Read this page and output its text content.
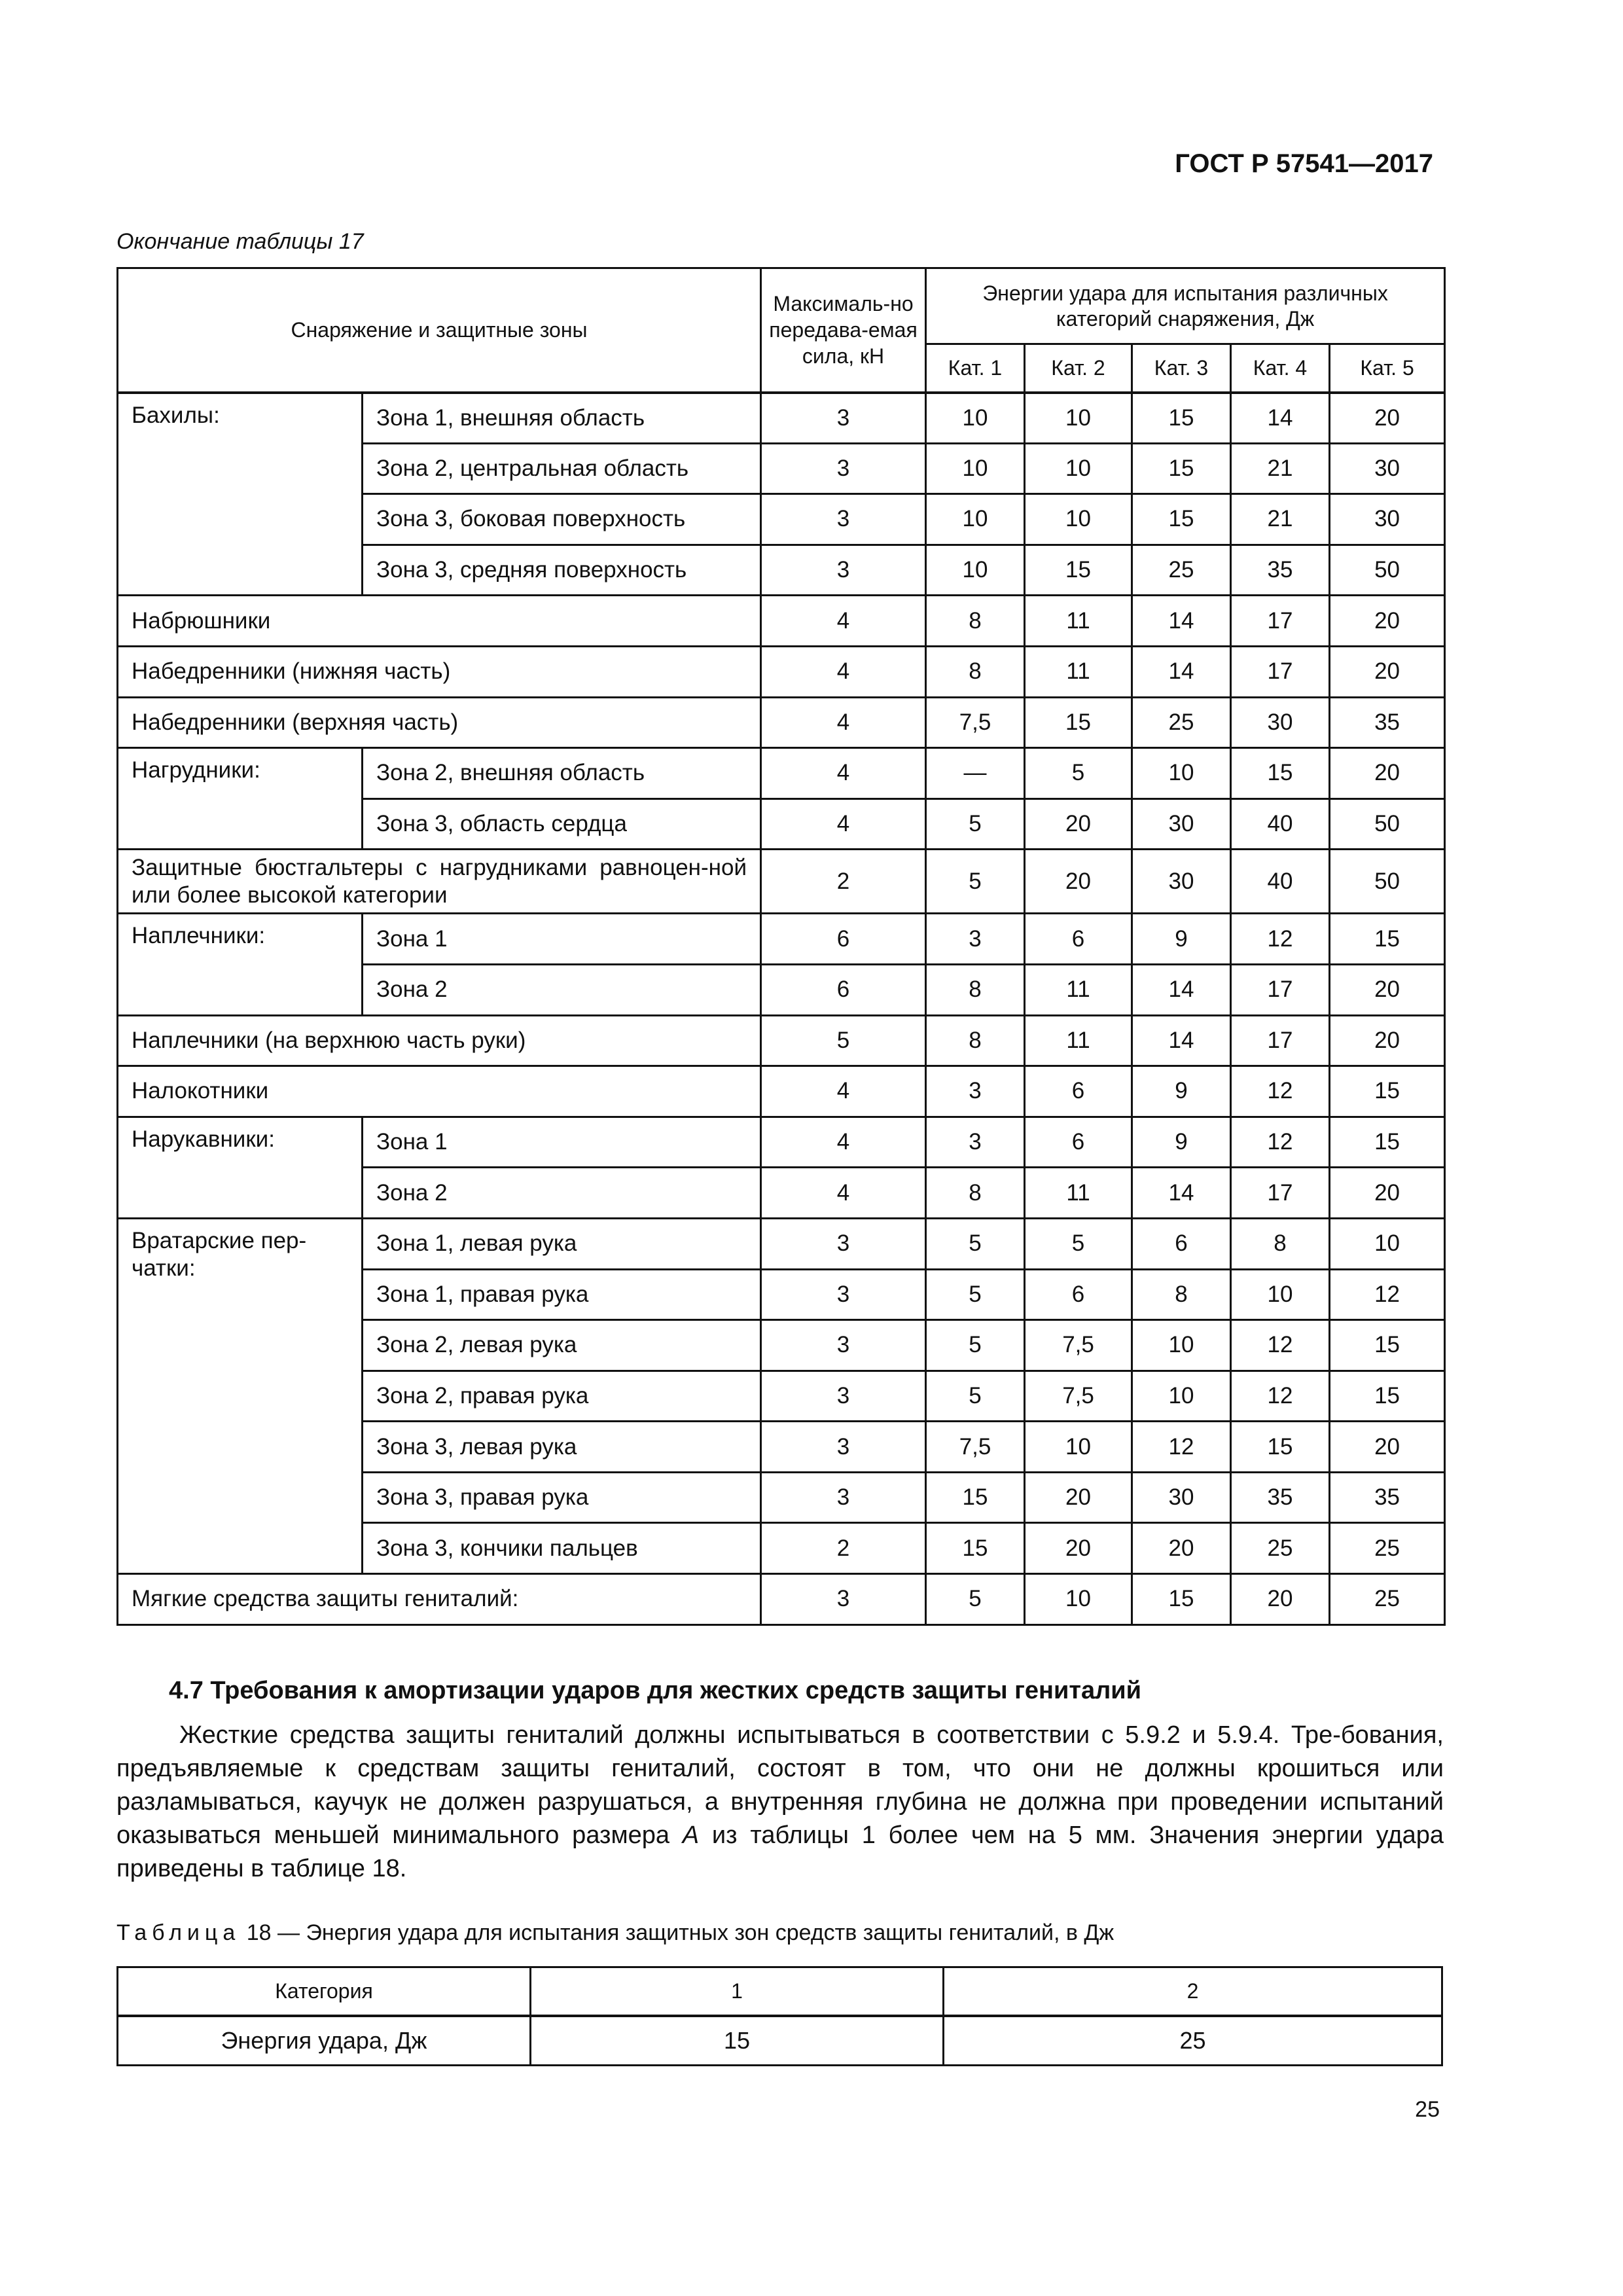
ГОСТ Р 57541—2017
Окончание таблицы 17
Снаряжение и защитные зоны		Максималь-но передава-емая сила, кН	Энергии удара для испытания различных категорий снаряжения, Дж				
			Кат. 1	Кат. 2	Кат. 3	Кат. 4	Кат. 5
Бахилы:	Зона 1, внешняя область	3	10	10	15	14	20
	Зона 2, центральная область	3	10	10	15	21	30
	Зона 3, боковая поверхность	3	10	10	15	21	30
	Зона 3, средняя поверхность	3	10	15	25	35	50
Набрюшники		4	8	11	14	17	20
Набедренники (нижняя часть)		4	8	11	14	17	20
Набедренники (верхняя часть)		4	7,5	15	25	30	35
Нагрудники:	Зона 2, внешняя область	4	—	5	10	15	20
	Зона 3, область сердца	4	5	20	30	40	50
Защитные бюстгальтеры с нагрудниками равноцен-ной или более высокой категории		2	5	20	30	40	50
Наплечники:	Зона 1	6	3	6	9	12	15
	Зона 2	6	8	11	14	17	20
Наплечники (на верхнюю часть руки)		5	8	11	14	17	20
Налокотники		4	3	6	9	12	15
Нарукавники:	Зона 1	4	3	6	9	12	15
	Зона 2	4	8	11	14	17	20
Вратарские пер-чатки:	Зона 1, левая рука	3	5	5	6	8	10
	Зона 1, правая рука	3	5	6	8	10	12
	Зона 2, левая рука	3	5	7,5	10	12	15
	Зона 2, правая рука	3	5	7,5	10	12	15
	Зона 3, левая рука	3	7,5	10	12	15	20
	Зона 3, правая рука	3	15	20	30	35	35
	Зона 3, кончики пальцев	2	15	20	20	25	25
Мягкие средства защиты гениталий:		3	5	10	15	20	25
4.7 Требования к амортизации ударов для жестких средств защиты гениталий

Жесткие средства защиты гениталий должны испытываться в соответствии с 5.9.2 и 5.9.4. Тре-бования, предъявляемые к средствам защиты гениталий, состоят в том, что они не должны крошиться или разламываться, каучук не должен разрушаться, а внутренняя глубина не должна при проведении испытаний оказываться меньшей минимального размера A из таблицы 1 более чем на 5 мм. Значения энергии удара приведены в таблице 18.

Таблица 18 — Энергия удара для испытания защитных зон средств защиты гениталий, в Дж
Категория	1	2
Энергия удара, Дж	15	25
25
